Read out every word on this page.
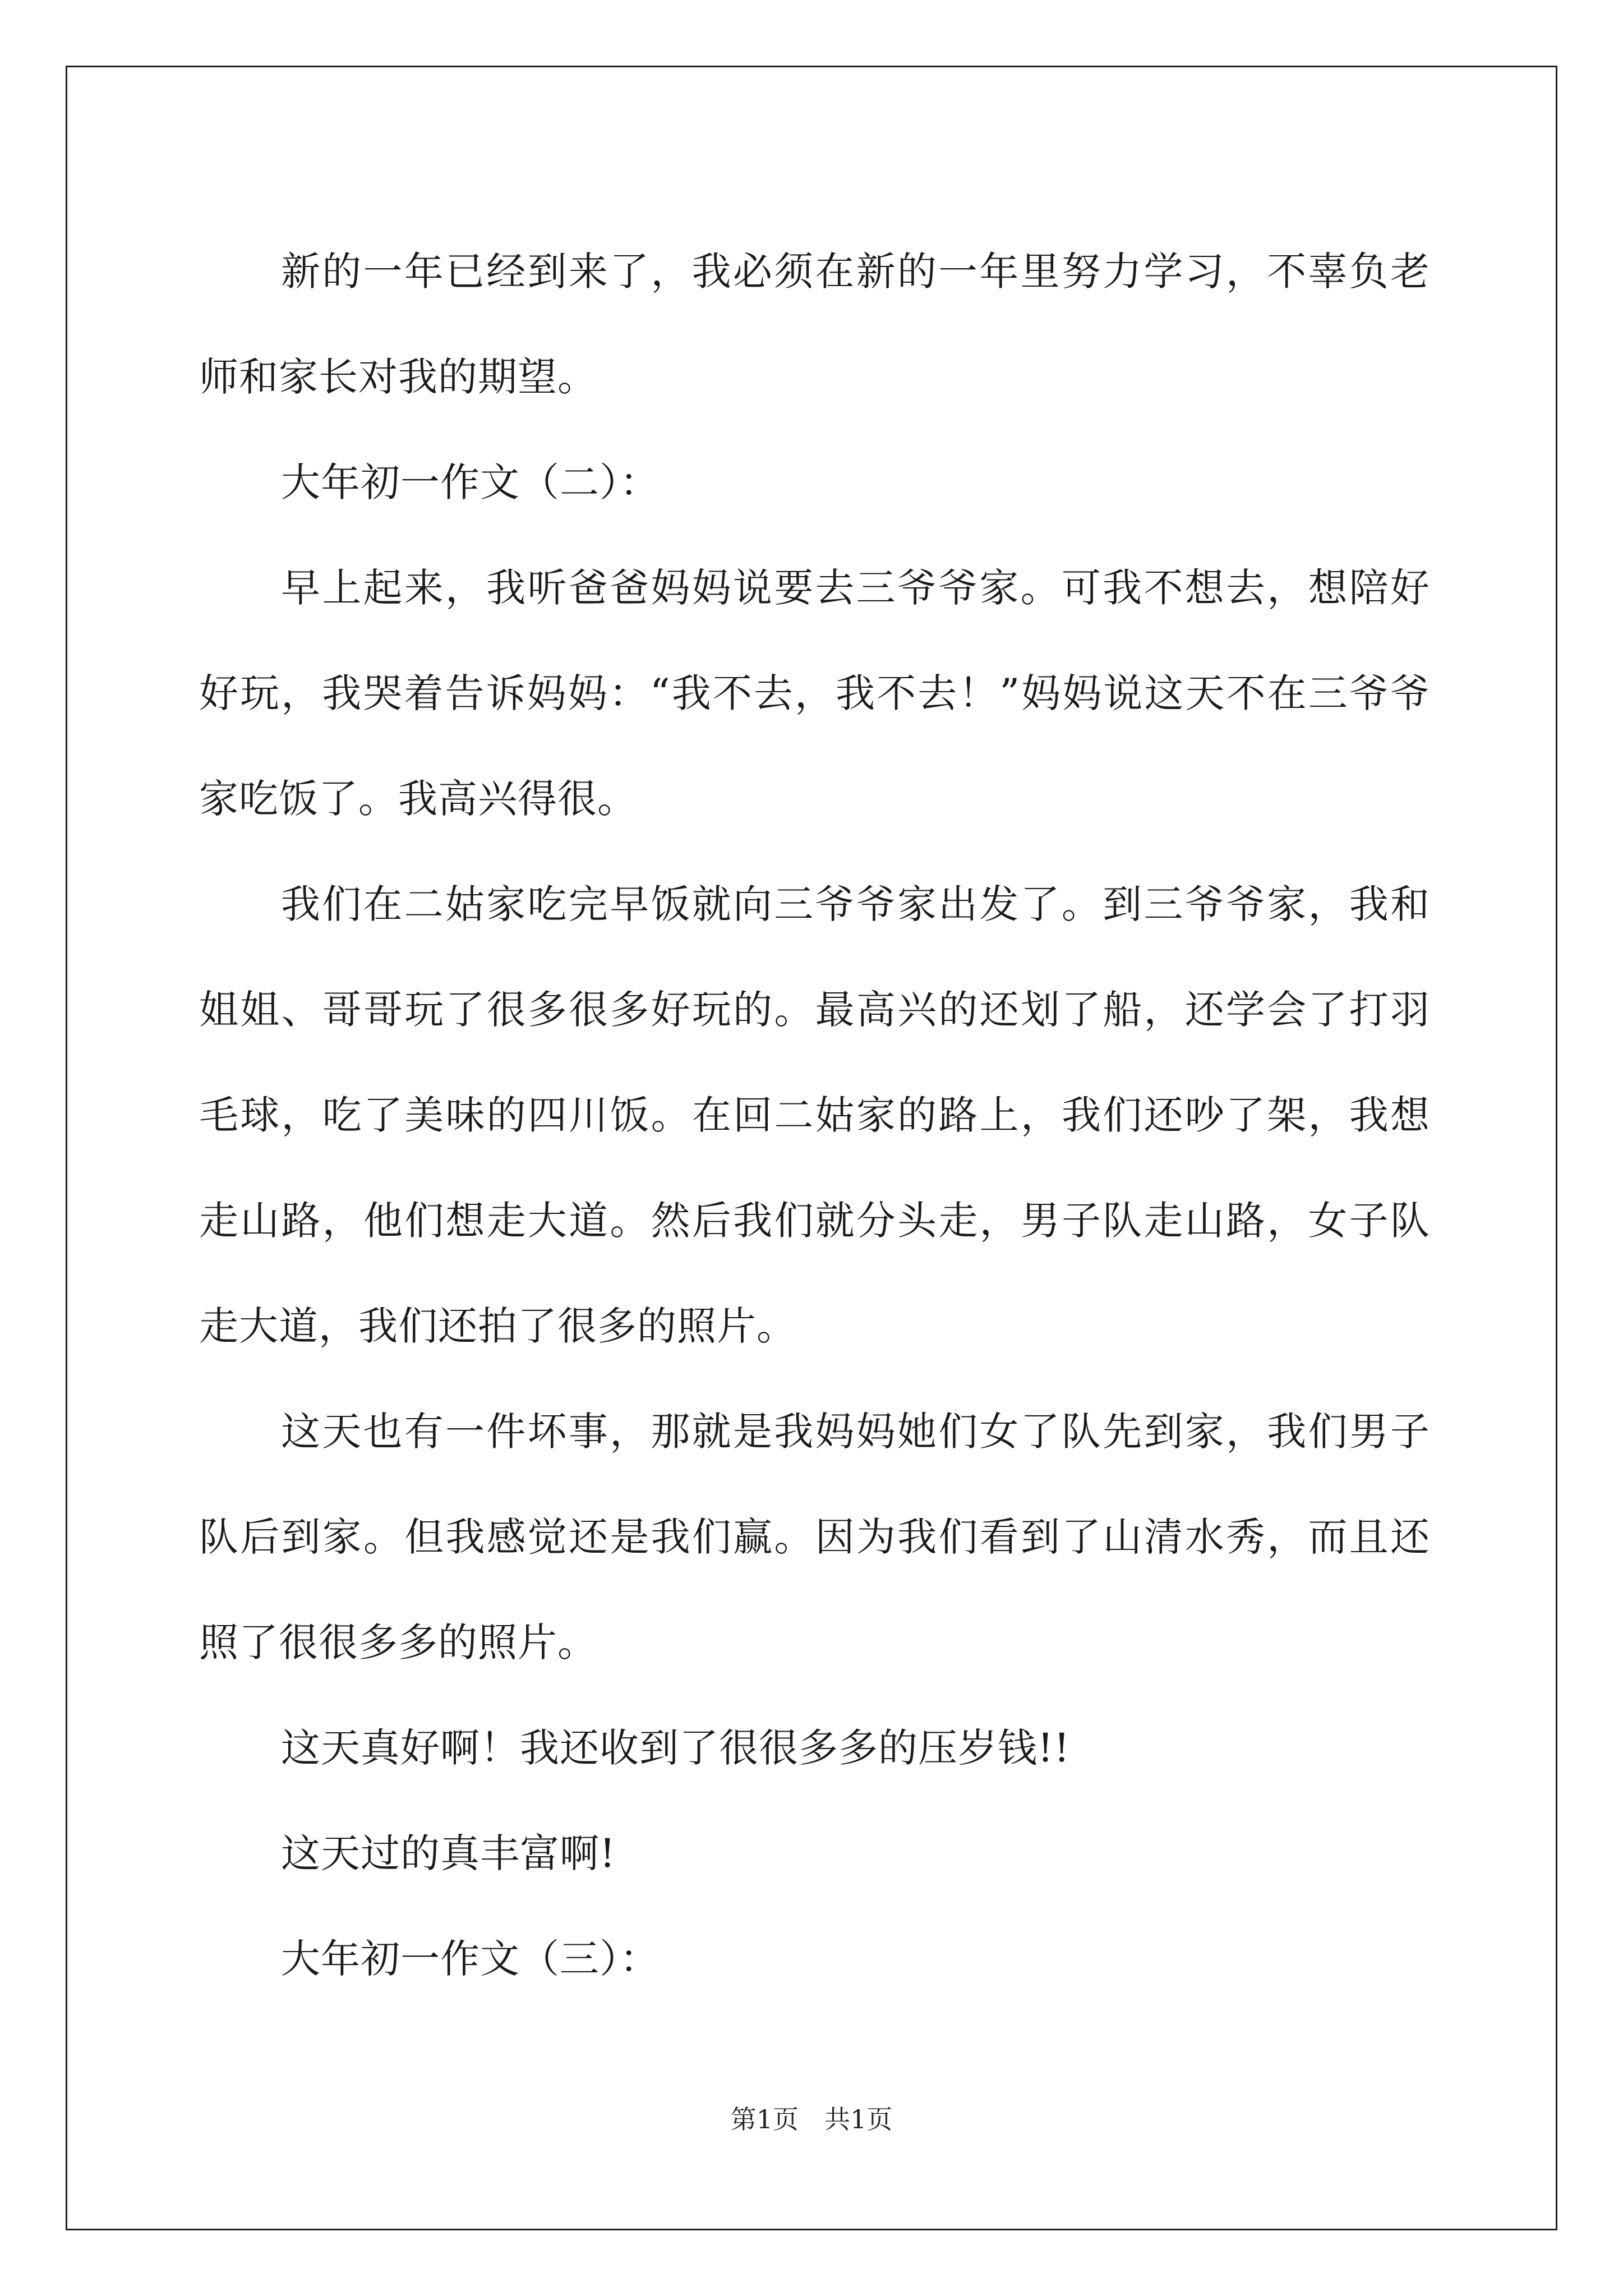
新的一年已经到来了，我必须在新的一年里努力学习，不辜负老师和家长对我的期望。

大年初一作文（二）：

早上起来，我听爸爸妈妈说要去三爷爷家。可我不想去，想陪好好玩，我哭着告诉妈妈：“我不去，我不去！”妈妈说这天不在三爷爷家吃饭了。我高兴得很。

我们在二姑家吃完早饭就向三爷爷家出发了。到三爷爷家，我和姐姐、哥哥玩了很多很多好玩的。最高兴的还划了船，还学会了打羽毛球，吃了美味的四川饭。在回二姑家的路上，我们还吵了架，我想走山路，他们想走大道。然后我们就分头走，男子队走山路，女子队走大道，我们还拍了很多的照片。

这天也有一件坏事，那就是我妈妈她们女了队先到家，我们男子队后到家。但我感觉还是我们赢。因为我们看到了山清水秀，而且还照了很很多多的照片。

这天真好啊！我还收到了很很多多的压岁钱!!

这天过的真丰富啊!

大年初一作文（三）：

第1页　共1页
